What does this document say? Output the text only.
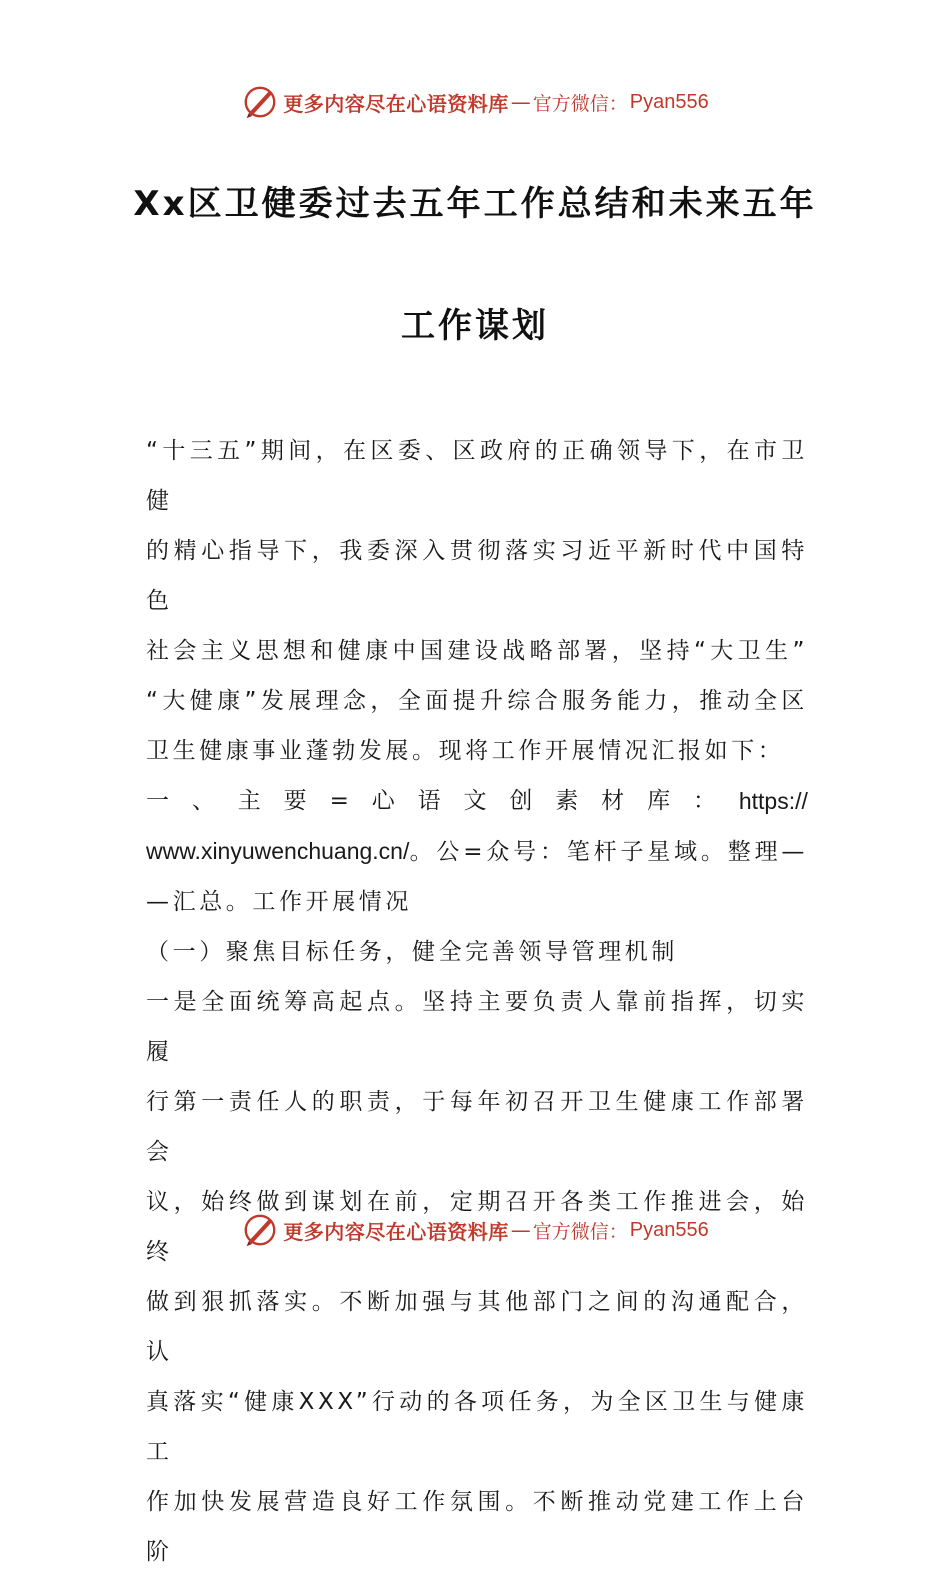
更多内容尽在心语资料库 — 官方微信： Pyan556
Xx区卫健委过去五年工作总结和未来五年
工作谋划

“十三五”期间，在区委、区政府的正确领导下，在市卫健

的精心指导下，我委深入贯彻落实习近平新时代中国特色

社会主义思想和健康中国建设战略部署，坚持“大卫生”

“大健康”发展理念，全面提升综合服务能力，推动全区

卫生健康事业蓬勃发展。现将工作开展情况汇报如下：

一 、 主 要 = 心 语 文 创 素 材 库 ： https://

www.xinyuwenchuang.cn/。公=众号：笔杆子星域。整理—

—汇总。工作开展情况

（一）聚焦目标任务，健全完善领导管理机制

一是全面统筹高起点。坚持主要负责人靠前指挥，切实履

行第一责任人的职责，于每年初召开卫生健康工作部署会

议，始终做到谋划在前，定期召开各类工作推进会，始终

做到狠抓落实。不断加强与其他部门之间的沟通配合，认

真落实“健康XXX”行动的各项任务，为全区卫生与健康工

作加快发展营造良好工作氛围。不断推动党建工作上台阶

更多内容尽在心语资料库 — 官方微信： Pyan556
